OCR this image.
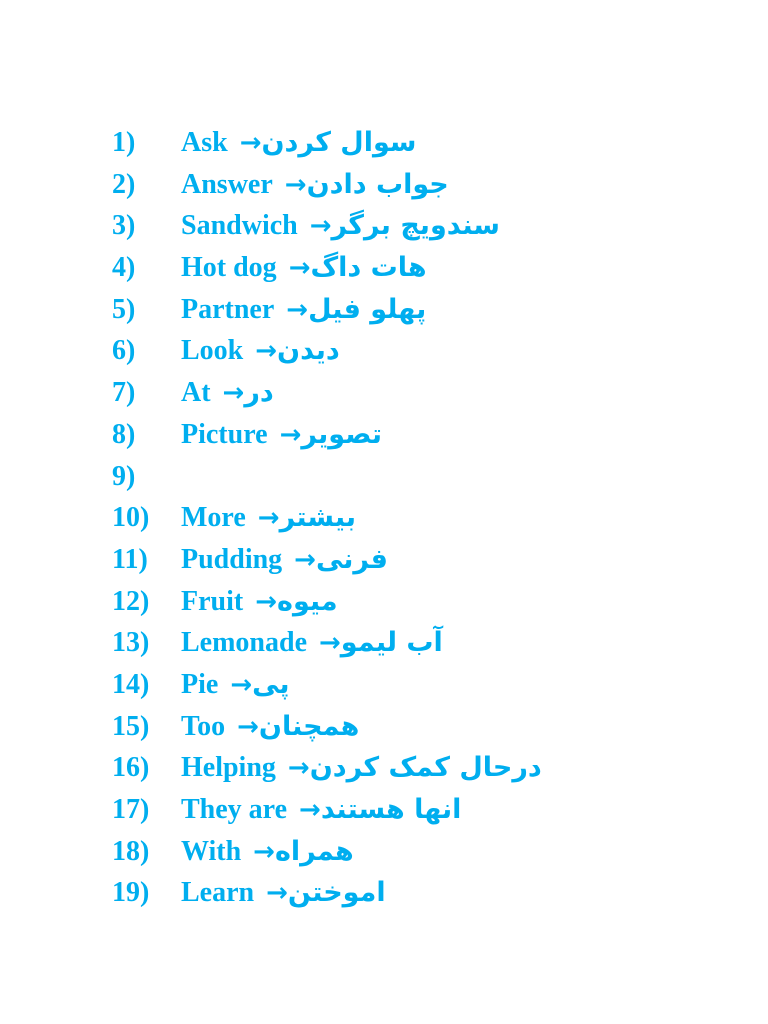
1) Ask →سوال کردن
2) Answer →جواب دادن
3) Sandwich →سندویچ برگر
4) Hot dog →هات داگ
5) Partner →پهلو فیل
6) Look →دیدن
7) At →در
8) Picture →تصویر
9)
10) More →بیشتر
11) Pudding →فرنی
12) Fruit →میوه
13) Lemonade →آب لیمو
14) Pie →پی
15) Too →همچنان
16) Helping →درحال کمک کردن
17) They are →انها هستند
18) With →همراه
19) Learn →اموختن
